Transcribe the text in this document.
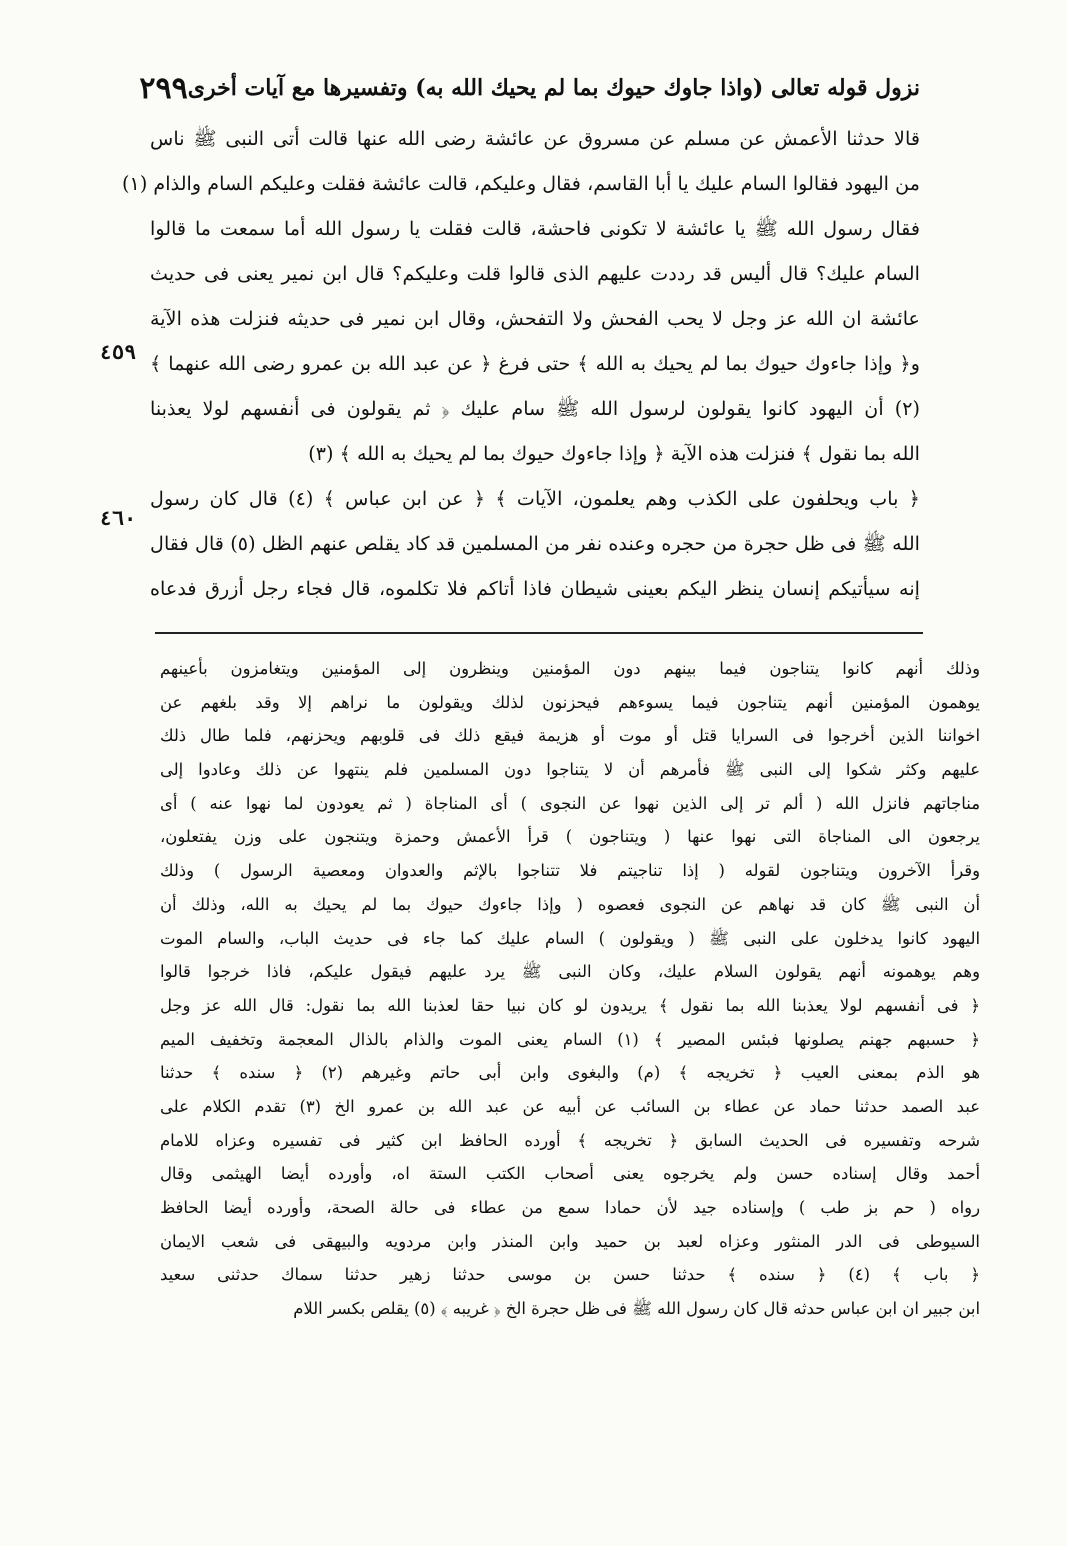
نزول قوله تعالى (واذا جاوك حيوك بما لم يحيك الله به) وتفسيرها مع آيات أخرى
٢٩٩
قالا حدثنا الأعمش عن مسلم عن مسروق عن عائشة رضى الله عنها قالت أتى النبى ﷺ ناس
من اليهود فقالوا السام عليك يا أبا القاسم، فقال وعليكم، قالت عائشة فقلت وعليكم السام والذام (١)
فقال رسول الله ﷺ يا عائشة لا تكونى فاحشة، قالت فقلت يا رسول الله أما سمعت ما قالوا
السام عليك؟ قال أليس قد رددت عليهم الذى قالوا قلت وعليكم؟ قال ابن نمير يعنى فى حديث
عائشة ان الله عز وجل لا يحب الفحش ولا التفحش، وقال ابن نمير فى حديثه فنزلت هذه الآية
و﴿ وإذا جاءوك حيوك بما لم يحيك به الله ﴾ حتى فرغ ﴿ عن عبد الله بن عمرو رضى الله عنهما ﴾
(٢) أن اليهود كانوا يقولون لرسول الله ﷺ سام عليك ﴿ ثم يقولون فى أنفسهم لولا يعذبنا
الله بما نقول ﴾ فنزلت هذه الآية ﴿ وإذا جاءوك حيوك بما لم يحيك به الله ﴾ (٣)
﴿ باب ويحلفون على الكذب وهم يعلمون، الآيات ﴾ ﴿ عن ابن عباس ﴾ (٤) قال كان رسول
الله ﷺ فى ظل حجرة من حجره وعنده نفر من المسلمين قد كاد يقلص عنهم الظل (٥) قال فقال
إنه سيأتيكم إنسان ينظر اليكم بعينى شيطان فاذا أتاكم فلا تكلموه، قال فجاء رجل أزرق فدعاه
٤٥٩
٤٦٠
وذلك أنهم كانوا يتناجون فيما بينهم دون المؤمنين وينظرون إلى المؤمنين ويتغامزون بأعينهم
يوهمون المؤمنين أنهم يتناجون فيما يسوءهم فيحزنون لذلك ويقولون ما نراهم إلا وقد بلغهم عن
اخواننا الذين أخرجوا فى السرايا قتل أو موت أو هزيمة فيقع ذلك فى قلوبهم ويحزنهم، فلما طال ذلك
عليهم وكثر شكوا إلى النبى ﷺ فأمرهم أن لا يتناجوا دون المسلمين فلم ينتهوا عن ذلك وعادوا إلى
مناجاتهم فانزل الله ( ألم تر إلى الذين نهوا عن النجوى ) أى المناجاة ( ثم يعودون لما نهوا عنه ) أى
يرجعون الى المناجاة التى نهوا عنها ( ويتناجون ) قرأ الأعمش وحمزة ويتنجون على وزن يفتعلون،
وقرأ الآخرون ويتناجون لقوله ( إذا تناجيتم فلا تتناجوا بالإثم والعدوان ومعصية الرسول ) وذلك
أن النبى ﷺ كان قد نهاهم عن النجوى فعصوه ( وإذا جاءوك حيوك بما لم يحيك به الله، وذلك أن
اليهود كانوا يدخلون على النبى ﷺ ( ويقولون ) السام عليك كما جاء فى حديث الباب، والسام الموت
وهم يوهمونه أنهم يقولون السلام عليك، وكان النبى ﷺ يرد عليهم فيقول عليكم، فاذا خرجوا قالوا
﴿ فى أنفسهم لولا يعذبنا الله بما نقول ﴾ يريدون لو كان نبيا حقا لعذبنا الله بما نقول: قال الله عز وجل
﴿ حسبهم جهنم يصلونها فبئس المصير ﴾ (١) السام يعنى الموت والذام بالذال المعجمة وتخفيف الميم
هو الذم بمعنى العيب ﴿ تخريجه ﴾ (م) والبغوى وابن أبى حاتم وغيرهم (٢) ﴿ سنده ﴾ حدثنا
عبد الصمد حدثنا حماد عن عطاء بن السائب عن أبيه عن عبد الله بن عمرو الخ (٣) تقدم الكلام على
شرحه وتفسيره فى الحديث السابق ﴿ تخريجه ﴾ أورده الحافظ ابن كثير فى تفسيره وعزاه للامام
أحمد وقال إسناده حسن ولم يخرجوه يعنى أصحاب الكتب الستة اه، وأورده أيضا الهيثمى وقال
رواه ( حم بز طب ) وإسناده جيد لأن حمادا سمع من عطاء فى حالة الصحة، وأورده أيضا الحافظ
السيوطى فى الدر المنثور وعزاه لعبد بن حميد وابن المنذر وابن مردويه والبيهقى فى شعب الايمان
﴿ باب ﴾ (٤) ﴿ سنده ﴾ حدثنا حسن بن موسى حدثنا زهير حدثنا سماك حدثنى سعيد
ابن جبير ان ابن عباس حدثه قال كان رسول الله ﷺ فى ظل حجرة الخ ﴿ غريبه ﴾ (٥) يقلص بكسر اللام
